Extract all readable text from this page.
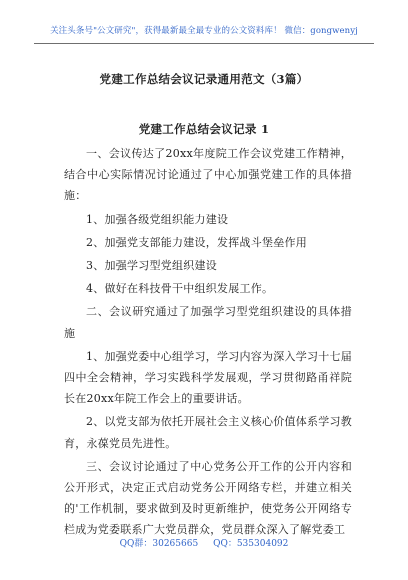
关注头条号"公文研究"，获得最新最全最专业的公文资料库！ 微信：gongwenyj
党建工作总结会议记录通用范文（3篇）
党建工作总结会议记录 1

一、会议传达了20xx年度院工作会议党建工作精神，结合中心实际情况讨论通过了中心加强党建工作的具体措施：

1、加强各级党组织能力建设

2、加强党支部能力建设，发挥战斗堡垒作用

3、加强学习型党组织建设

4、做好在科技骨干中组织发展工作。

二、会议研究通过了加强学习型党组织建设的具体措施

1、加强党委中心组学习，学习内容为深入学习十七届四中全会精神，学习实践科学发展观，学习贯彻路甬祥院长在20xx年院工作会上的重要讲话。

2、以党支部为依托开展社会主义核心价值体系学习教育，永葆党员先进性。

三、会议讨论通过了中心党务公开工作的公开内容和公开形式，决定正式启动党务公开网络专栏，并建立相关的'工作机制，要求做到及时更新维护，使党务公开网络专栏成为党委联系广大党员群众，党员群众深入了解党委工

QQ群：30265665 QQ：535304092
